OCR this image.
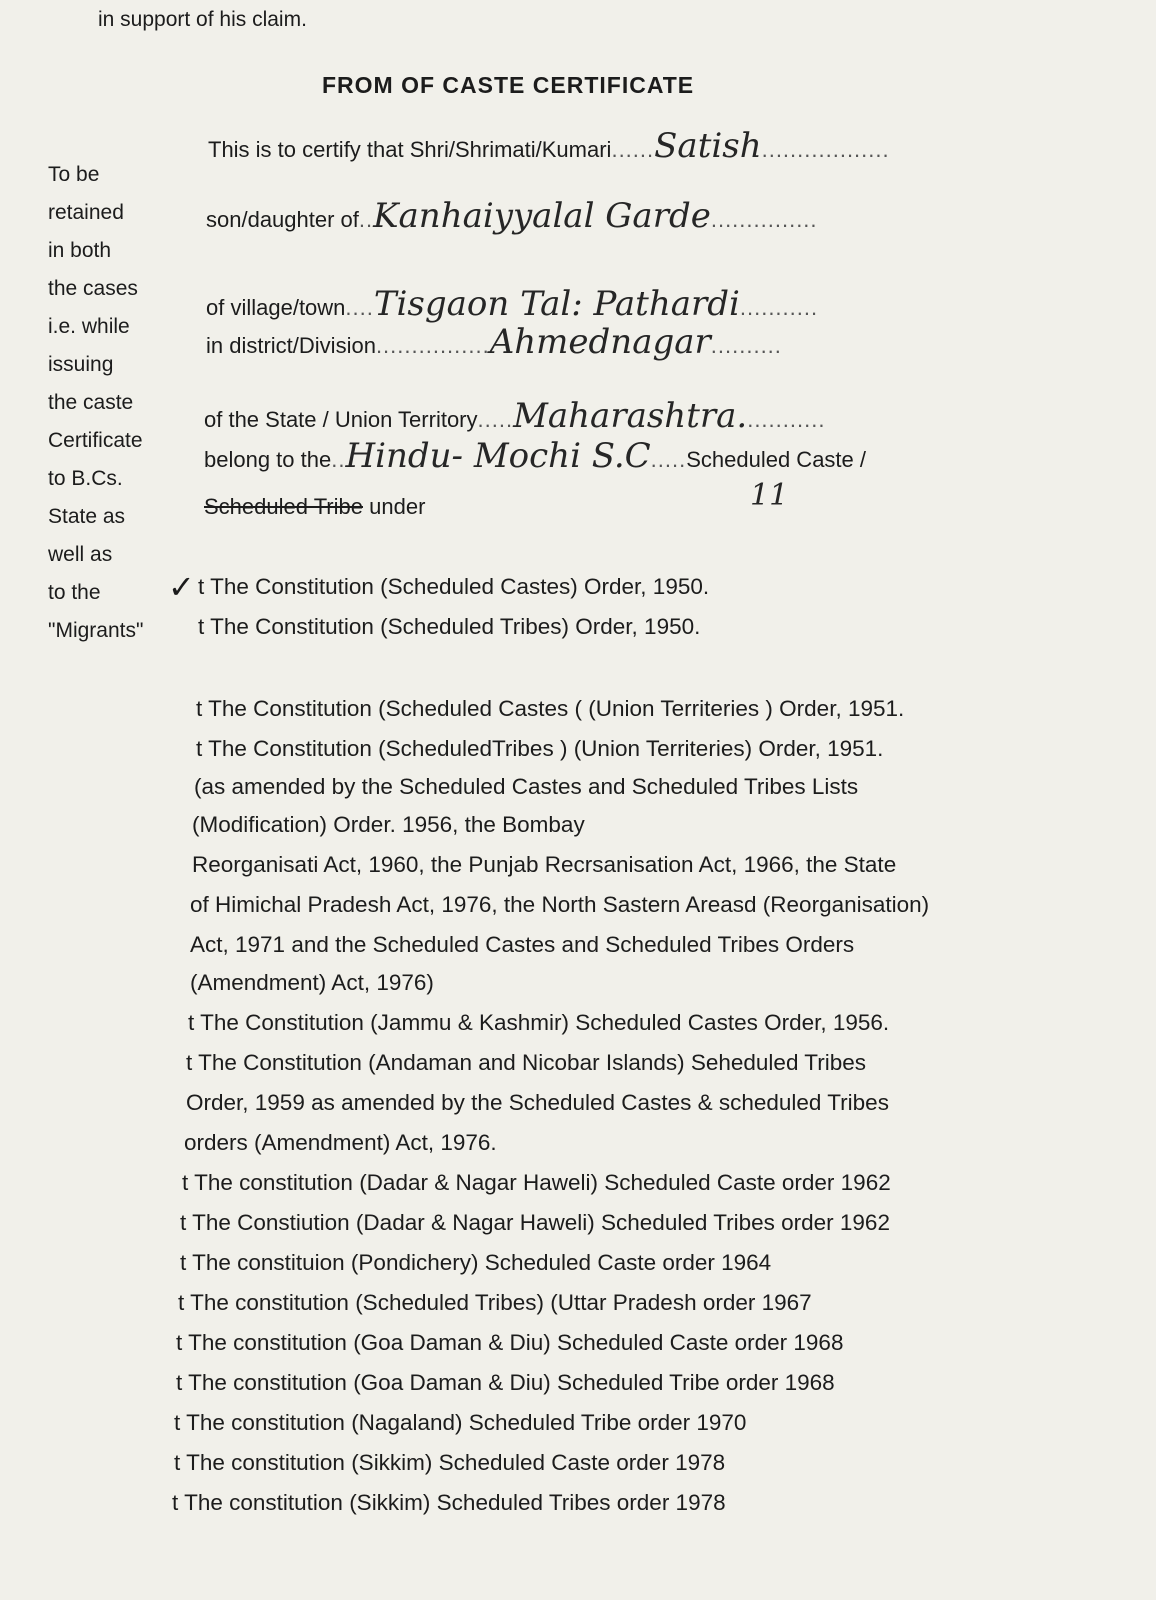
in support of his claim.
FROM OF CASTE CERTIFICATE
To be
retained
in both
the cases
i.e. while
issuing
the caste
Certificate
to B.Cs.
State as
well as
to the
"Migrants"
This is to certify that Shri/Shrimati/Kumari......Satish..................
son/daughter of..Kanhaiyyalal Garde...............
of village/town....Tisgaon Tal: Pathardi...........
in district/Division................Ahmednagar..........
of the State / Union Territory.....Maharashtra............
belong to the..Hindu- Mochi S.C.....Scheduled Caste /
Scheduled Tribe under	11
✓ t The Constitution (Scheduled Castes) Order, 1950.
t The Constitution (Scheduled Tribes) Order, 1950.
t The Constitution (Scheduled Castes ( (Union Territeries ) Order, 1951.
t The Constitution (ScheduledTribes ) (Union Territeries) Order, 1951.
(as amended by the Scheduled Castes and Scheduled Tribes Lists
(Modification) Order. 1956, the Bombay
Reorganisati Act, 1960, the Punjab Recrsanisation Act, 1966, the State
of Himichal Pradesh Act, 1976, the North Sastern Areasd (Reorganisation)
Act, 1971 and the Scheduled Castes and Scheduled Tribes Orders
(Amendment) Act, 1976)
t The Constitution (Jammu & Kashmir) Scheduled Castes Order, 1956.
t The Constitution (Andaman and Nicobar Islands) Seheduled Tribes
Order, 1959 as amended by the Scheduled Castes & scheduled Tribes
orders (Amendment) Act, 1976.
t The constitution (Dadar & Nagar Haweli) Scheduled Caste order 1962
t The Constiution (Dadar & Nagar Haweli) Scheduled Tribes order 1962
t The constituion (Pondichery) Scheduled Caste order 1964
t The constitution (Scheduled Tribes) (Uttar Pradesh order 1967
t The constitution (Goa Daman & Diu) Scheduled Caste order 1968
t The constitution (Goa Daman & Diu) Scheduled Tribe order 1968
t The constitution (Nagaland) Scheduled Tribe order 1970
t The constitution (Sikkim) Scheduled Caste order 1978
t The constitution (Sikkim) Scheduled Tribes order 1978
